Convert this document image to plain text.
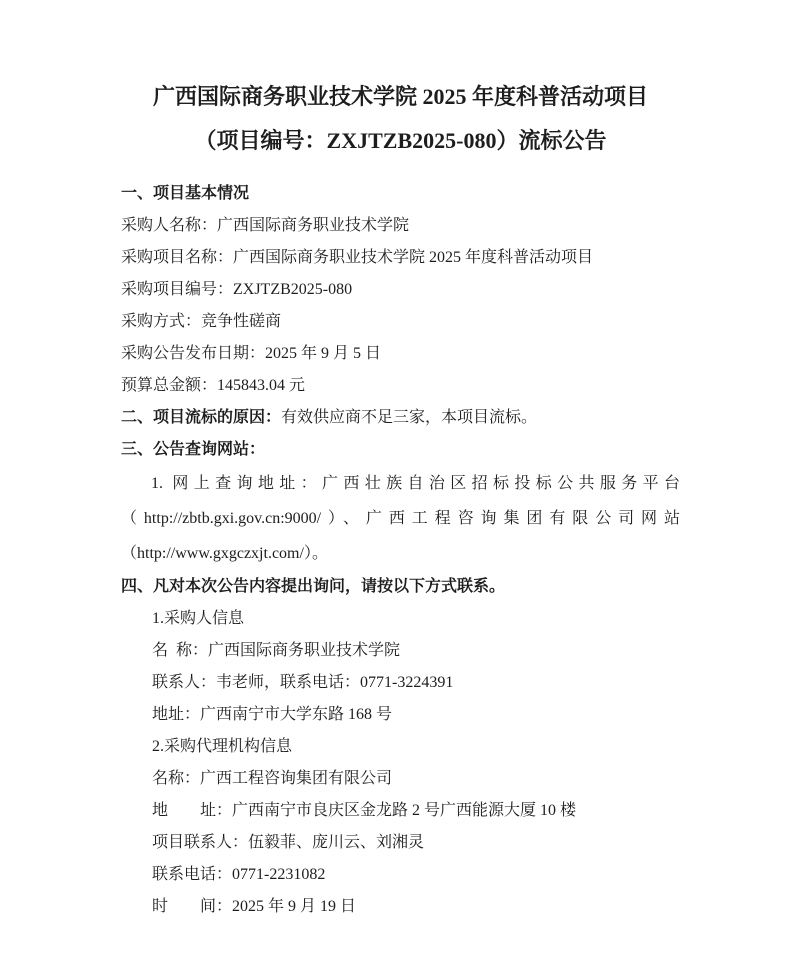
广西国际商务职业技术学院 2025 年度科普活动项目
（项目编号：ZXJTZB2025-080）流标公告

一、项目基本情况

采购人名称：广西国际商务职业技术学院

采购项目名称：广西国际商务职业技术学院 2025 年度科普活动项目

采购项目编号：ZXJTZB2025-080

采购方式：竞争性磋商

采购公告发布日期：2025 年 9 月 5 日

预算总金额：145843.04 元

二、项目流标的原因：有效供应商不足三家，本项目流标。

三、公告查询网站：

1. 网上查询地址：广西壮族自治区招标投标公共服务平台（http://zbtb.gxi.gov.cn:9000/）、广西工程咨询集团有限公司网站（http://www.gxgczxjt.com/）。

四、凡对本次公告内容提出询问，请按以下方式联系。

1.采购人信息

名  称：广西国际商务职业技术学院

联系人：韦老师，联系电话：0771-3224391

地址：广西南宁市大学东路 168 号

2.采购代理机构信息

名称：广西工程咨询集团有限公司

地　　址：广西南宁市良庆区金龙路 2 号广西能源大厦 10 楼

项目联系人：伍毅菲、庞川云、刘湘灵

联系电话：0771-2231082

时　　间：2025 年 9 月 19 日
